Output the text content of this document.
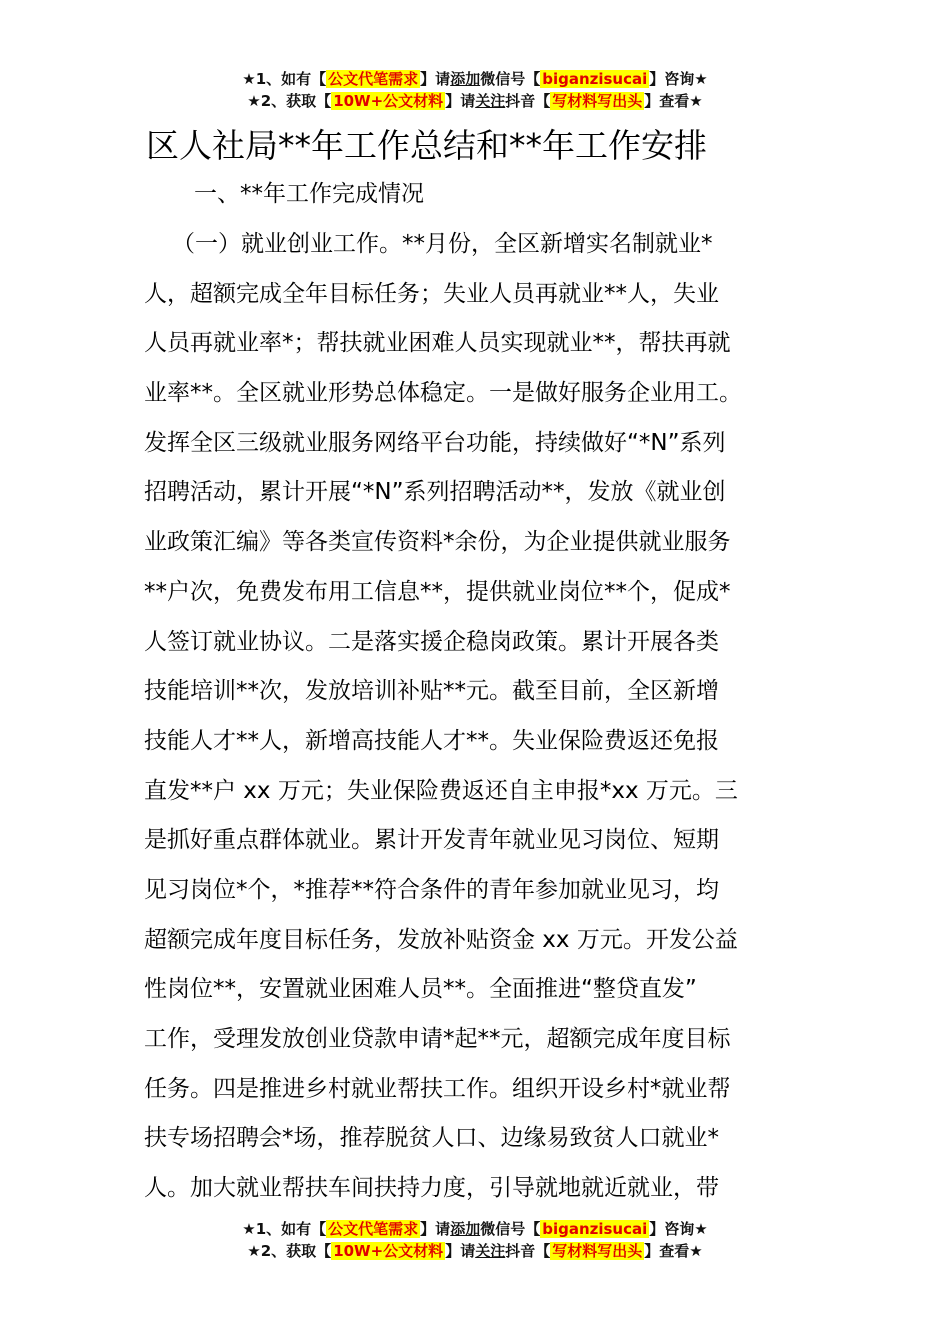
★1、如有【 公文代笔需求 】请添加微信号【 biganzisucai 】咨询★
★2、获取【 10W+公文材料 】请关注抖音【 写材料写出头 】查看★
区人社局**年工作总结和**年工作安排
一、**年工作完成情况
（一）就业创业工作。**月份，全区新增实名制就业*
人，超额完成全年目标任务；失业人员再就业**人，失业
人员再就业率*；帮扶就业困难人员实现就业**，帮扶再就
业率**。全区就业形势总体稳定。一是做好服务企业用工。
发挥全区三级就业服务网络平台功能，持续做好“*N”系列
招聘活动，累计开展“*N”系列招聘活动**，发放《就业创
业政策汇编》等各类宣传资料*余份，为企业提供就业服务
**户次，免费发布用工信息**，提供就业岗位**个，促成*
人签订就业协议。二是落实援企稳岗政策。累计开展各类
技能培训**次，发放培训补贴**元。截至目前，全区新增
技能人才**人，新增高技能人才**。失业保险费返还免报
直发**户 xx 万元；失业保险费返还自主申报*xx 万元。三
是抓好重点群体就业。累计开发青年就业见习岗位、短期
见习岗位*个，*推荐**符合条件的青年参加就业见习，均
超额完成年度目标任务，发放补贴资金 xx 万元。开发公益
性岗位**，安置就业困难人员**。全面推进“整贷直发”
工作，受理发放创业贷款申请*起**元，超额完成年度目标
任务。四是推进乡村就业帮扶工作。组织开设乡村*就业帮
扶专场招聘会*场，推荐脱贫人口、边缘易致贫人口就业*
人。加大就业帮扶车间扶持力度，引导就地就近就业，带
★1、如有【 公文代笔需求 】请添加微信号【 biganzisucai 】咨询★
★2、获取【 10W+公文材料 】请关注抖音【 写材料写出头 】查看★
